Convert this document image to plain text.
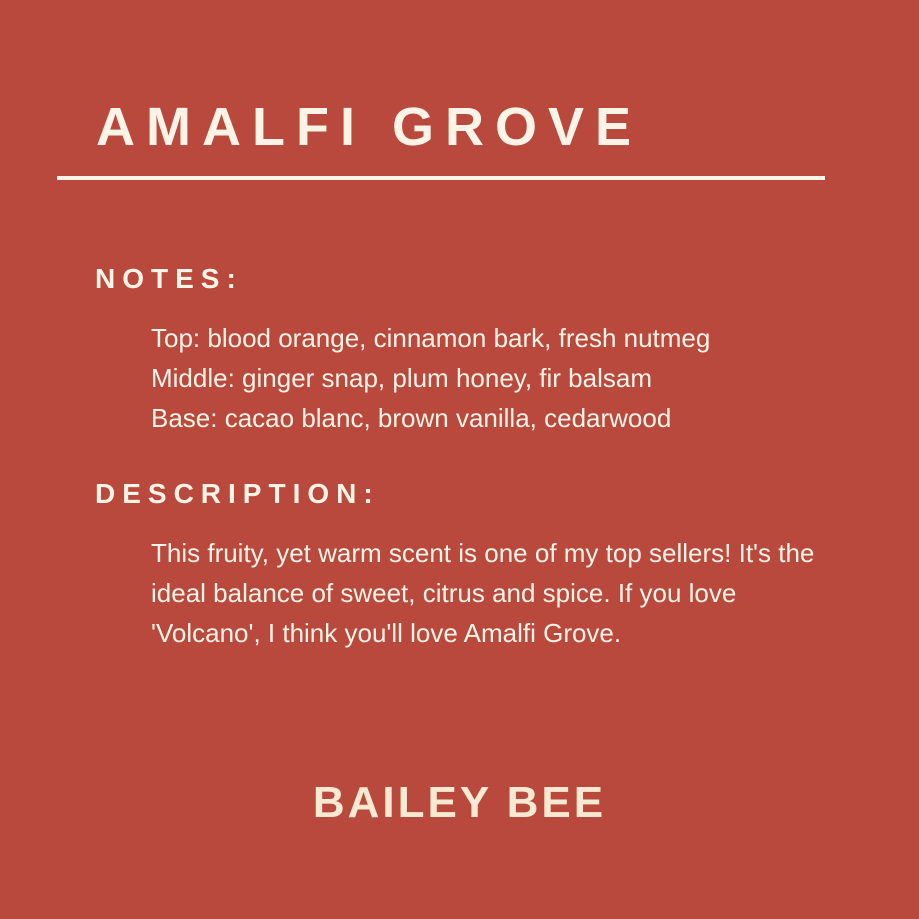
AMALFI GROVE
NOTES:
Top: blood orange, cinnamon bark, fresh nutmeg
Middle: ginger snap, plum honey, fir balsam
Base: cacao blanc, brown vanilla, cedarwood
DESCRIPTION:
This fruity, yet warm scent is one of my top sellers! It's the ideal balance of sweet, citrus and spice. If you love 'Volcano', I think you'll love Amalfi Grove.
BAILEY BEE
